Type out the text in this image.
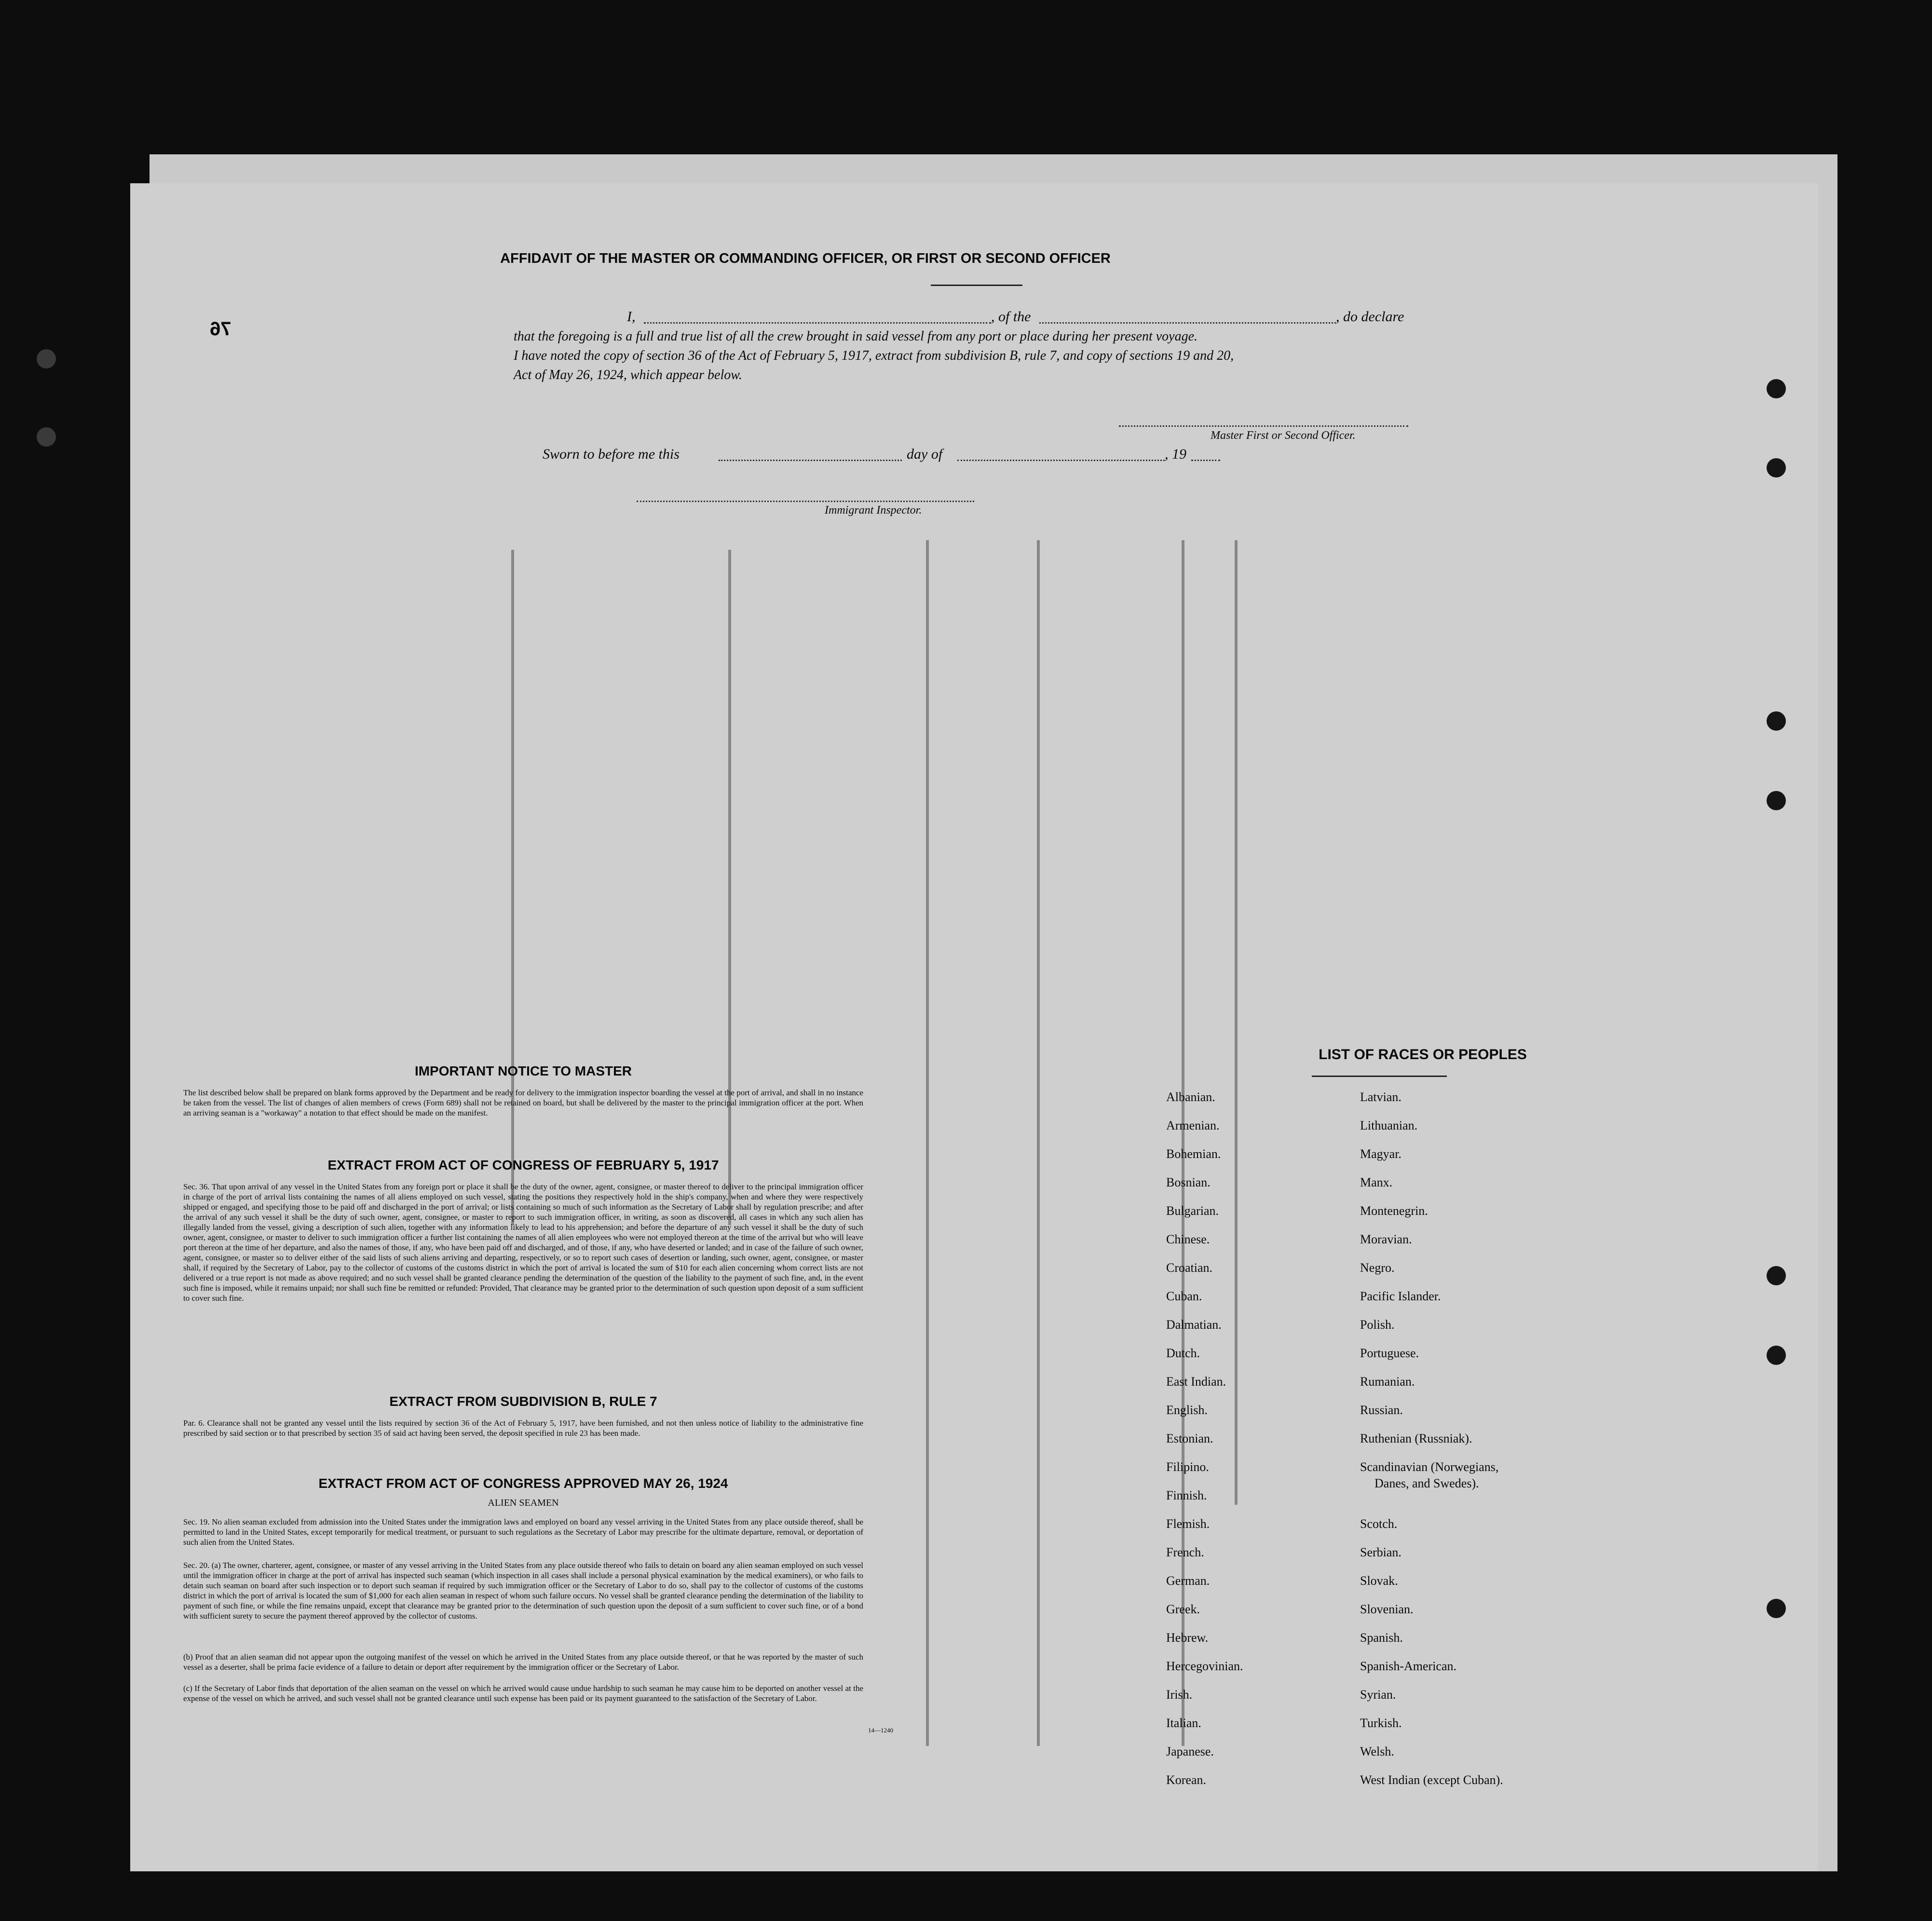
76
AFFIDAVIT OF THE MASTER OR COMMANDING OFFICER, OR FIRST OR SECOND OFFICER
I,	, of the	, do declare
that the foregoing is a full and true list of all the crew brought in said vessel from any port or place during her present voyage.
I have noted the copy of section 36 of the Act of February 5, 1917, extract from subdivision B, rule 7, and copy of sections 19 and 20,
Act of May 26, 1924, which appear below.
Master First or Second Officer.
Sworn to before me this	day of	, 19
Immigrant Inspector.
IMPORTANT NOTICE TO MASTER
The list described below shall be prepared on blank forms approved by the Department and be ready for delivery to the immigration inspector boarding the vessel at the port of arrival, and shall in no instance be taken from the vessel. The list of changes of alien members of crews (Form 689) shall not be retained on board, but shall be delivered by the master to the principal immigration officer at the port. When an arriving seaman is a "workaway" a notation to that effect should be made on the manifest.
EXTRACT FROM ACT OF CONGRESS OF FEBRUARY 5, 1917
Sec. 36. That upon arrival of any vessel in the United States from any foreign port or place it shall be the duty of the owner, agent, consignee, or master thereof to deliver to the principal immigration officer in charge of the port of arrival lists containing the names of all aliens employed on such vessel, stating the positions they respectively hold in the ship's company, when and where they were respectively shipped or engaged, and specifying those to be paid off and discharged in the port of arrival; or lists containing so much of such information as the Secretary of Labor shall by regulation prescribe; and after the arrival of any such vessel it shall be the duty of such owner, agent, consignee, or master to report to such immigration officer, in writing, as soon as discovered, all cases in which any such alien has illegally landed from the vessel, giving a description of such alien, together with any information likely to lead to his apprehension; and before the departure of any such vessel it shall be the duty of such owner, agent, consignee, or master to deliver to such immigration officer a further list containing the names of all alien employees who were not employed thereon at the time of the arrival but who will leave port thereon at the time of her departure, and also the names of those, if any, who have been paid off and discharged, and of those, if any, who have deserted or landed; and in case of the failure of such owner, agent, consignee, or master so to deliver either of the said lists of such aliens arriving and departing, respectively, or so to report such cases of desertion or landing, such owner, agent, consignee, or master shall, if required by the Secretary of Labor, pay to the collector of customs of the customs district in which the port of arrival is located the sum of $10 for each alien concerning whom correct lists are not delivered or a true report is not made as above required; and no such vessel shall be granted clearance pending the determination of the question of the liability to the payment of such fine, and, in the event such fine is imposed, while it remains unpaid; nor shall such fine be remitted or refunded: Provided, That clearance may be granted prior to the determination of such question upon deposit of a sum sufficient to cover such fine.
EXTRACT FROM SUBDIVISION B, RULE 7
Par. 6. Clearance shall not be granted any vessel until the lists required by section 36 of the Act of February 5, 1917, have been furnished, and not then unless notice of liability to the administrative fine prescribed by said section or to that prescribed by section 35 of said act having been served, the deposit specified in rule 23 has been made.
EXTRACT FROM ACT OF CONGRESS APPROVED MAY 26, 1924
ALIEN SEAMEN
Sec. 19. No alien seaman excluded from admission into the United States under the immigration laws and employed on board any vessel arriving in the United States from any place outside thereof, shall be permitted to land in the United States, except temporarily for medical treatment, or pursuant to such regulations as the Secretary of Labor may prescribe for the ultimate departure, removal, or deportation of such alien from the United States.
Sec. 20. (a) The owner, charterer, agent, consignee, or master of any vessel arriving in the United States from any place outside thereof who fails to detain on board any alien seaman employed on such vessel until the immigration officer in charge at the port of arrival has inspected such seaman (which inspection in all cases shall include a personal physical examination by the medical examiners), or who fails to detain such seaman on board after such inspection or to deport such seaman if required by such immigration officer or the Secretary of Labor to do so, shall pay to the collector of customs of the customs district in which the port of arrival is located the sum of $1,000 for each alien seaman in respect of whom such failure occurs. No vessel shall be granted clearance pending the determination of the liability to payment of such fine, or while the fine remains unpaid, except that clearance may be granted prior to the determination of such question upon the deposit of a sum sufficient to cover such fine, or of a bond with sufficient surety to secure the payment thereof approved by the collector of customs.
(b) Proof that an alien seaman did not appear upon the outgoing manifest of the vessel on which he arrived in the United States from any place outside thereof, or that he was reported by the master of such vessel as a deserter, shall be prima facie evidence of a failure to detain or deport after requirement by the immigration officer or the Secretary of Labor.
(c) If the Secretary of Labor finds that deportation of the alien seaman on the vessel on which he arrived would cause undue hardship to such seaman he may cause him to be deported on another vessel at the expense of the vessel on which he arrived, and such vessel shall not be granted clearance until such expense has been paid or its payment guaranteed to the satisfaction of the Secretary of Labor.
14—1240
LIST OF RACES OR PEOPLES
Albanian.
Armenian.
Bohemian.
Bosnian.
Bulgarian.
Chinese.
Croatian.
Cuban.
Dalmatian.
Dutch.
East Indian.
English.
Estonian.
Filipino.
Finnish.
Flemish.
French.
German.
Greek.
Hebrew.
Hercegovinian.
Irish.
Italian.
Japanese.
Korean.
Latvian.
Lithuanian.
Magyar.
Manx.
Montenegrin.
Moravian.
Negro.
Pacific Islander.
Polish.
Portuguese.
Rumanian.
Russian.
Ruthenian (Russniak).
Scandinavian (Norwegians,
Danes, and Swedes).
Scotch.
Serbian.
Slovak.
Slovenian.
Spanish.
Spanish-American.
Syrian.
Turkish.
Welsh.
West Indian (except Cuban).
